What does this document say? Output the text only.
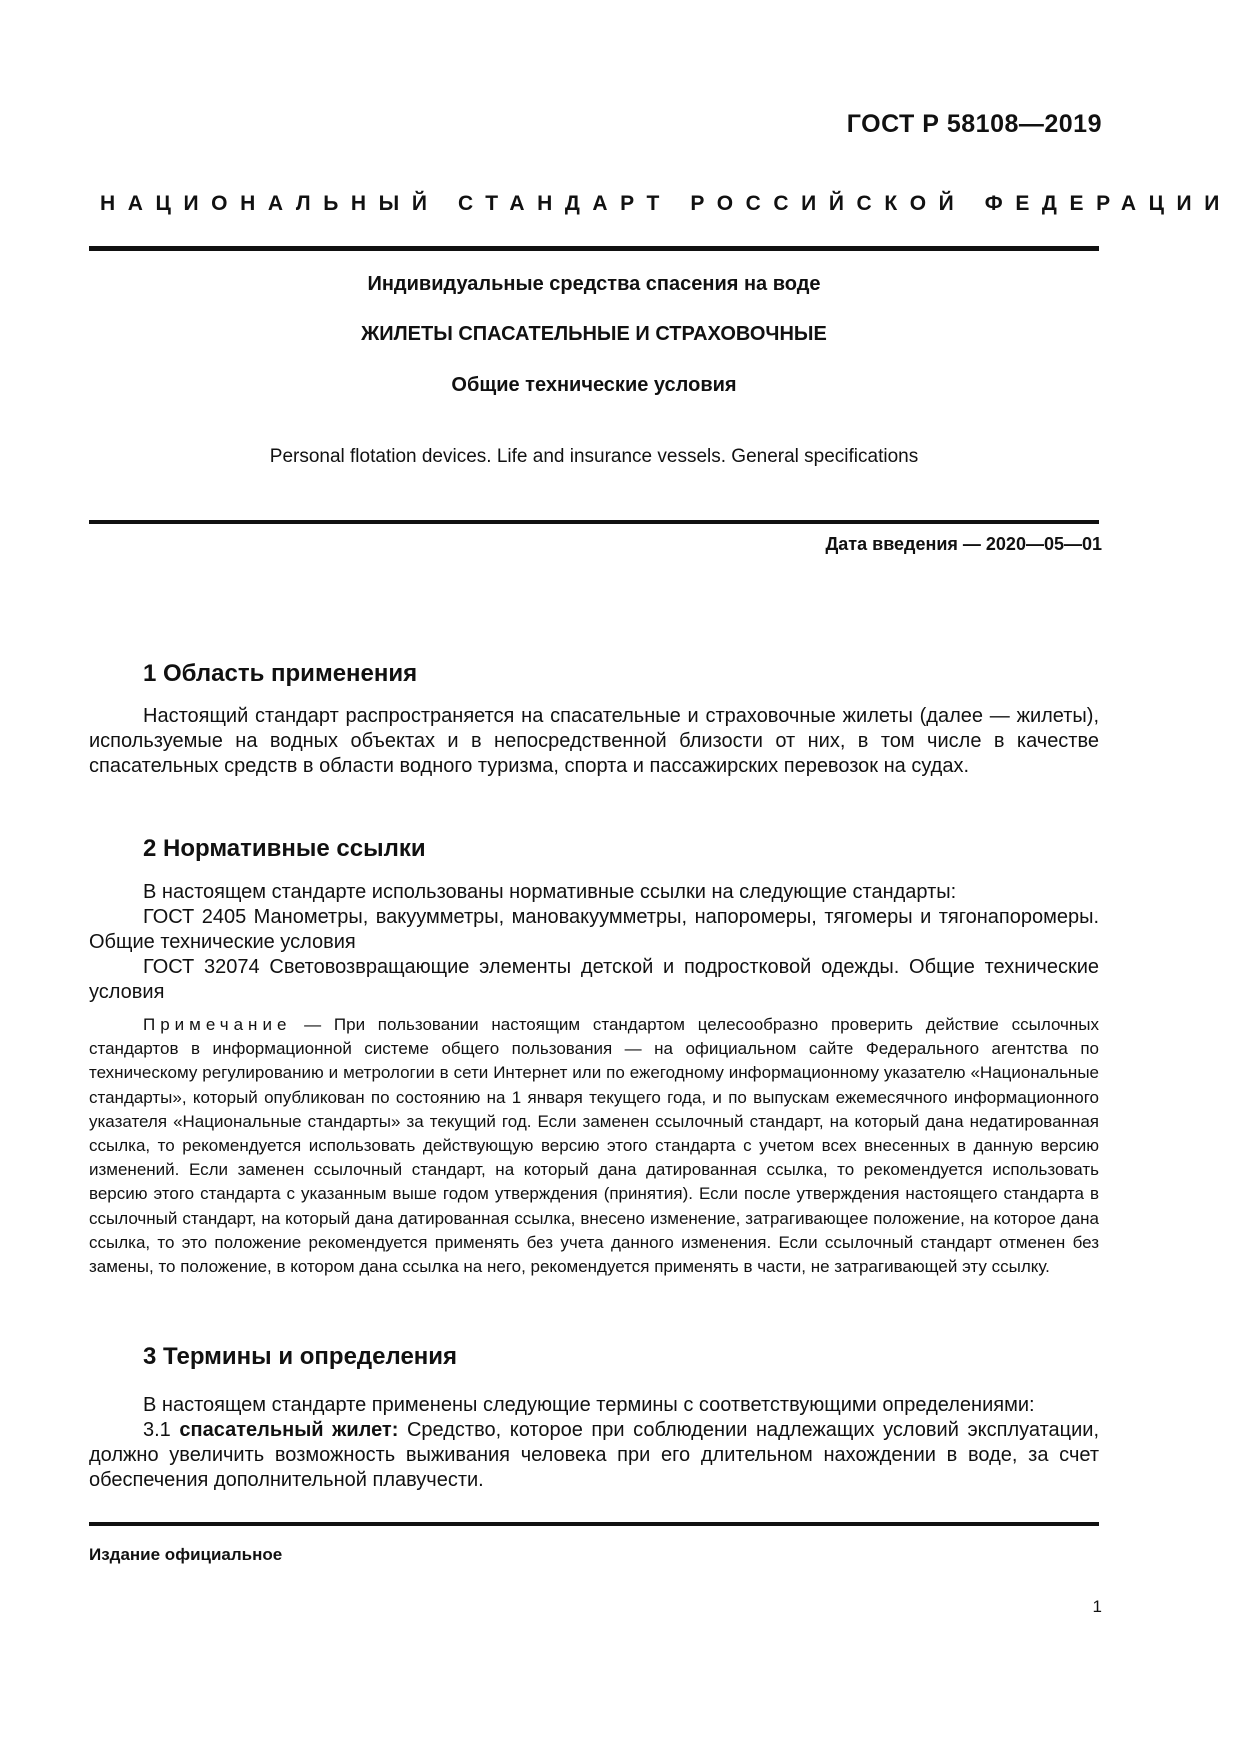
ГОСТ Р 58108—2019
НАЦИОНАЛЬНЫЙ СТАНДАРТ РОССИЙСКОЙ ФЕДЕРАЦИИ
Индивидуальные средства спасения на воде
ЖИЛЕТЫ СПАСАТЕЛЬНЫЕ И СТРАХОВОЧНЫЕ
Общие технические условия
Personal flotation devices. Life and insurance vessels. General specifications
Дата введения — 2020—05—01
1 Область применения

Настоящий стандарт распространяется на спасательные и страховочные жилеты (далее — жилеты), используемые на водных объектах и в непосредственной близости от них, в том числе в качестве спасательных средств в области водного туризма, спорта и пассажирских перевозок на судах.

2 Нормативные ссылки

В настоящем стандарте использованы нормативные ссылки на следующие стандарты:

ГОСТ 2405 Манометры, вакуумметры, мановакуумметры, напоромеры, тягомеры и тягонапоромеры. Общие технические условия

ГОСТ 32074 Световозвращающие элементы детской и подростковой одежды. Общие технические условия

Примечание — При пользовании настоящим стандартом целесообразно проверить действие ссылочных стандартов в информационной системе общего пользования — на официальном сайте Федерального агентства по техническому регулированию и метрологии в сети Интернет или по ежегодному информационному указателю «Национальные стандарты», который опубликован по состоянию на 1 января текущего года, и по выпускам ежемесячного информационного указателя «Национальные стандарты» за текущий год. Если заменен ссылочный стандарт, на который дана недатированная ссылка, то рекомендуется использовать действующую версию этого стандарта с учетом всех внесенных в данную версию изменений. Если заменен ссылочный стандарт, на который дана датированная ссылка, то рекомендуется использовать версию этого стандарта с указанным выше годом утверждения (принятия). Если после утверждения настоящего стандарта в ссылочный стандарт, на который дана датированная ссылка, внесено изменение, затрагивающее положение, на которое дана ссылка, то это положение рекомендуется применять без учета данного изменения. Если ссылочный стандарт отменен без замены, то положение, в котором дана ссылка на него, рекомендуется применять в части, не затрагивающей эту ссылку.

3 Термины и определения

В настоящем стандарте применены следующие термины с соответствующими определениями:

3.1 спасательный жилет: Средство, которое при соблюдении надлежащих условий эксплуатации, должно увеличить возможность выживания человека при его длительном нахождении в воде, за счет обеспечения дополнительной плавучести.

Издание официальное
1
